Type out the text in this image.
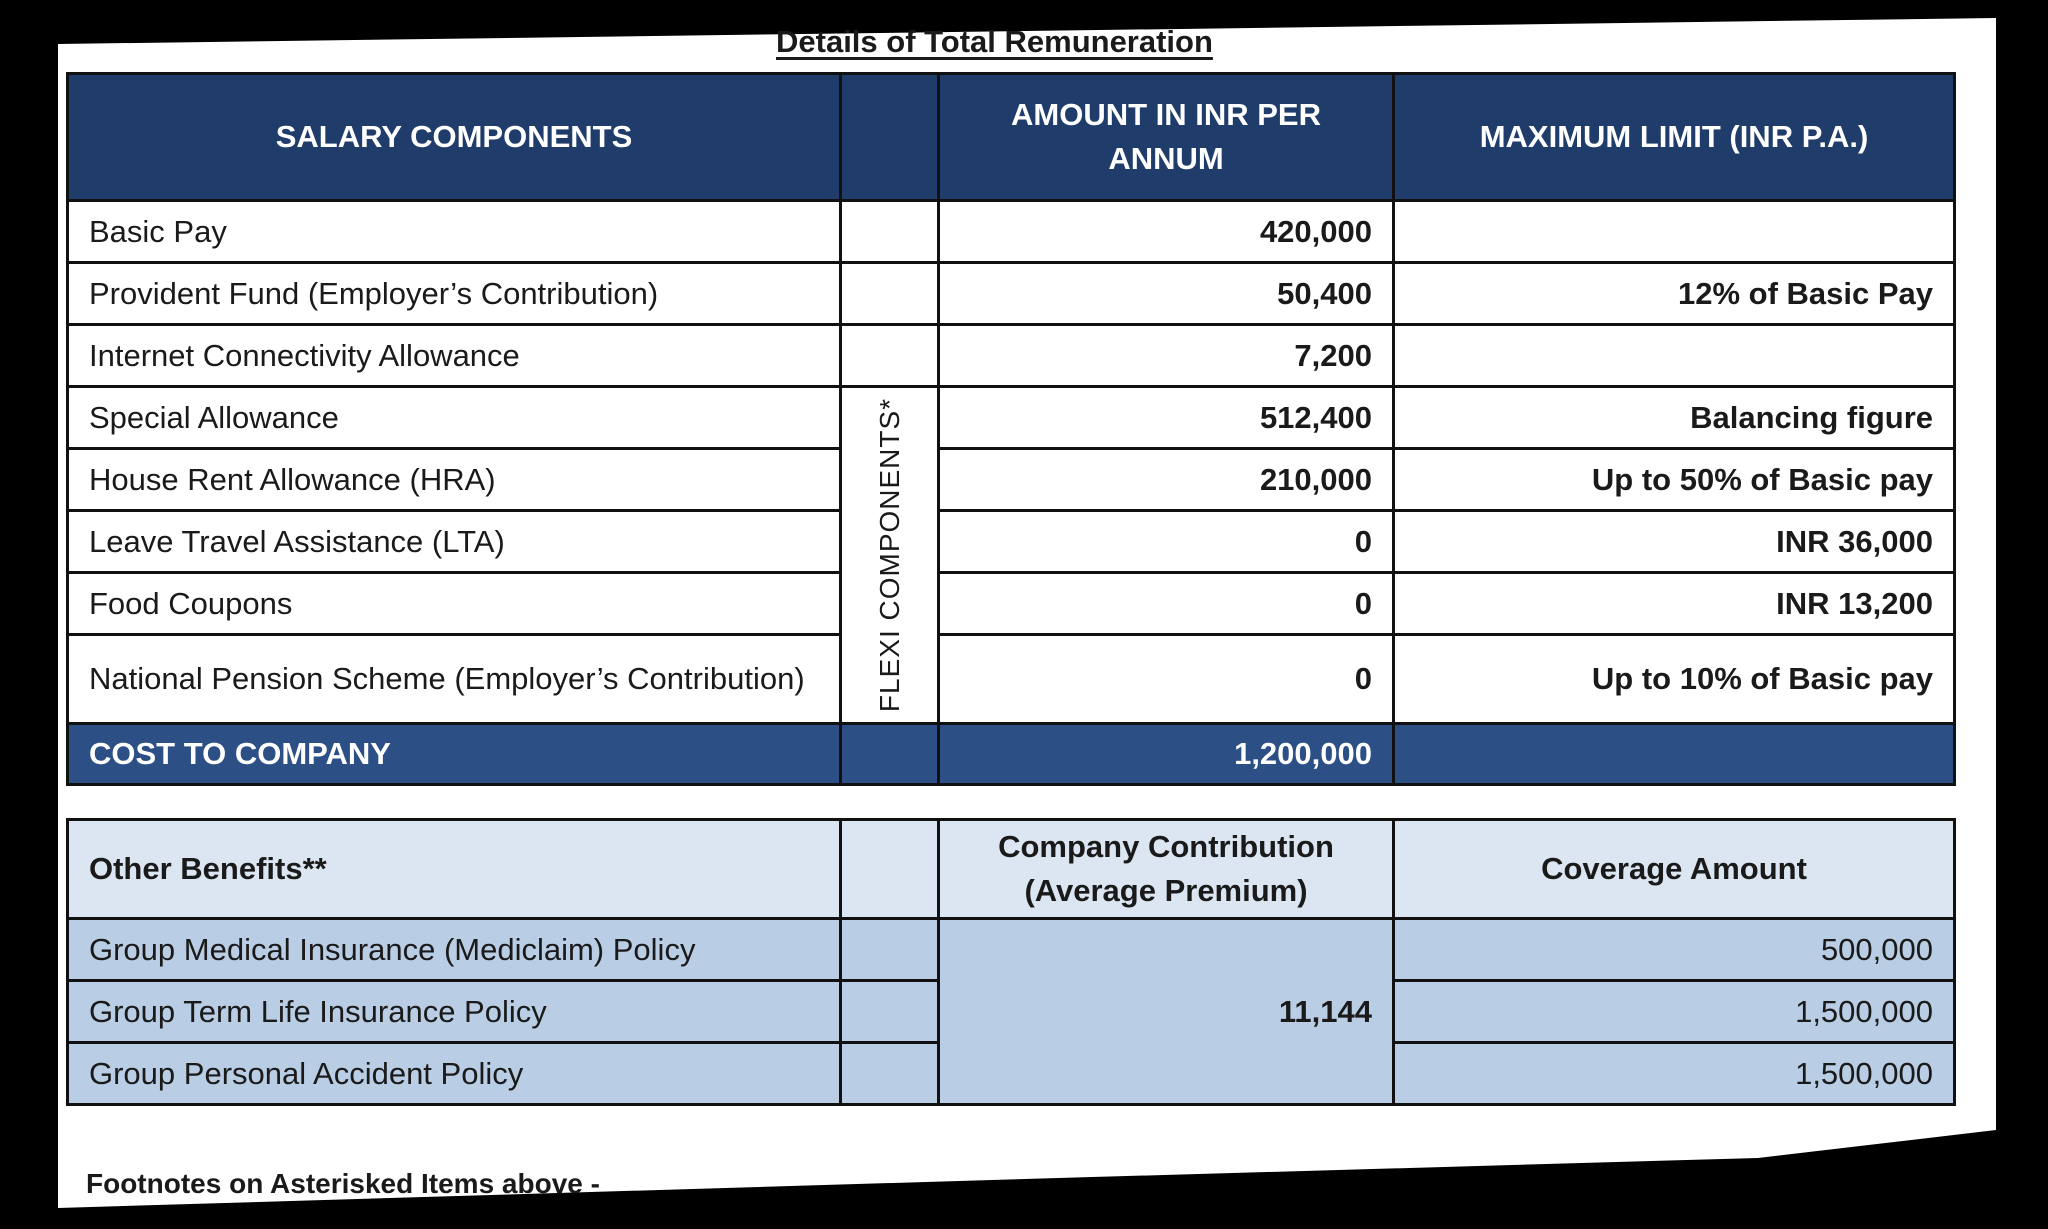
Details of Total Remuneration
SALARY COMPONENTS		AMOUNT IN INR PER ANNUM	MAXIMUM LIMIT (INR P.A.)
Basic Pay		420,000	
Provident Fund (Employer’s Contribution)		50,400	12% of Basic Pay
Internet Connectivity Allowance		7,200	
Special Allowance	FLEXI COMPONENTS*	512,400	Balancing figure
House Rent Allowance (HRA)		210,000	Up to 50% of Basic pay
Leave Travel Assistance (LTA)		0	INR 36,000
Food Coupons		0	INR 13,200
National Pension Scheme (Employer’s Contribution)		0	Up to 10% of Basic pay
COST TO COMPANY		1,200,000	
Other Benefits**		Company Contribution (Average Premium)	Coverage Amount
Group Medical Insurance (Mediclaim) Policy		11,144	500,000
Group Term Life Insurance Policy			1,500,000
Group Personal Accident Policy			1,500,000
Footnotes on Asterisked Items above -
